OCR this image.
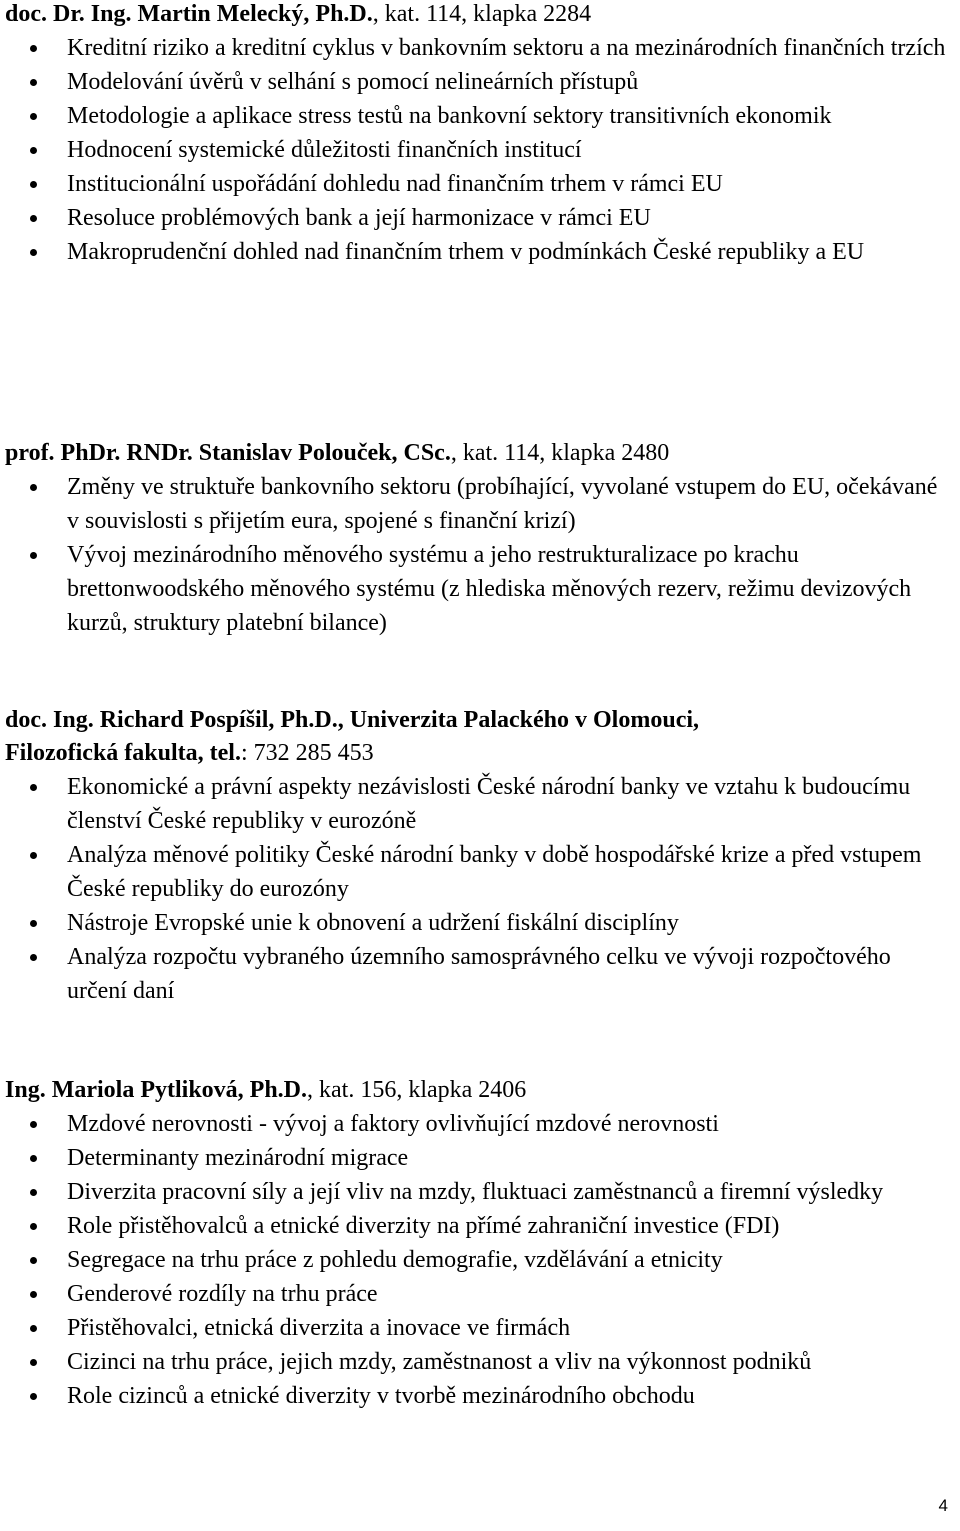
doc. Dr. Ing. Martin Melecký, Ph.D., kat. 114, klapka 2284
Kreditní riziko a kreditní cyklus v bankovním sektoru a na mezinárodních finančních trzích
Modelování úvěrů v selhání s pomocí nelineárních přístupů
Metodologie a aplikace stress testů na bankovní sektory transitivních ekonomik
Hodnocení systemické důležitosti finančních institucí
Institucionální uspořádání dohledu nad finančním trhem v rámci EU
Resoluce problémových bank a její harmonizace v rámci EU
Makroprudenční dohled nad finančním trhem v podmínkách České republiky a EU
prof. PhDr. RNDr. Stanislav Polouček, CSc., kat. 114, klapka 2480
Změny ve struktuře bankovního sektoru (probíhající, vyvolané vstupem do EU, očekávané v souvislosti s přijetím eura, spojené s finanční krizí)
Vývoj mezinárodního měnového systému a jeho restrukturalizace po krachu brettonwoodského měnového systému (z hlediska měnových rezerv, režimu devizových kurzů, struktury platební bilance)
doc. Ing. Richard Pospíšil, Ph.D., Univerzita Palackého v Olomouci,
Filozofická fakulta, tel.: 732 285 453
Ekonomické a právní aspekty nezávislosti České národní banky ve vztahu k budoucímu členství České republiky v eurozóně
Analýza měnové politiky České národní banky v době hospodářské krize a před vstupem České republiky do eurozóny
Nástroje Evropské unie k obnovení a udržení fiskální disciplíny
Analýza rozpočtu vybraného územního samosprávného celku ve vývoji rozpočtového určení daní
Ing. Mariola Pytliková, Ph.D., kat. 156, klapka 2406
Mzdové nerovnosti - vývoj a faktory ovlivňující mzdové nerovnosti
Determinanty mezinárodní migrace
Diverzita pracovní síly a její vliv na mzdy, fluktuaci zaměstnanců a firemní výsledky
Role přistěhovalců a etnické diverzity na přímé zahraniční investice (FDI)
Segregace na trhu práce z pohledu demografie, vzdělávání a etnicity
Genderové rozdíly na trhu práce
Přistěhovalci, etnická diverzita a inovace ve firmách
Cizinci na trhu práce, jejich mzdy, zaměstnanost a vliv na výkonnost podniků
Role cizinců a etnické diverzity v tvorbě mezinárodního obchodu
4
